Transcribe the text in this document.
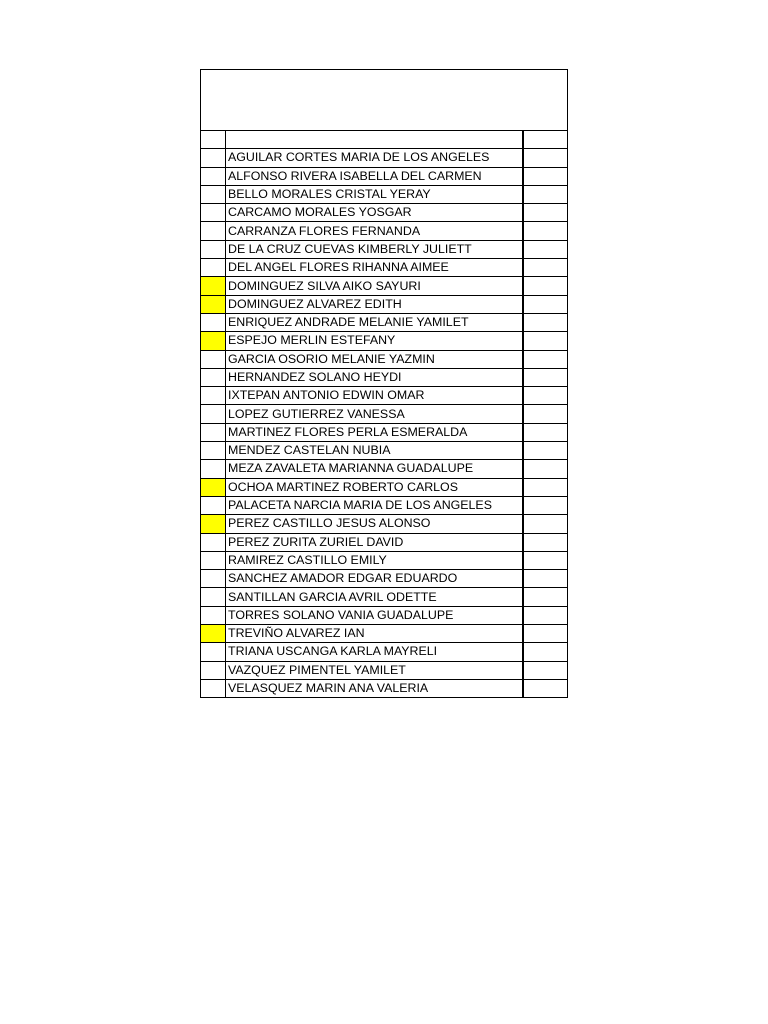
	AGUILAR CORTES MARIA DE LOS ANGELES	
	ALFONSO RIVERA ISABELLA DEL CARMEN	
	BELLO MORALES CRISTAL YERAY	
	CARCAMO MORALES YOSGAR	
	CARRANZA FLORES FERNANDA	
	DE LA CRUZ CUEVAS KIMBERLY JULIETT	
	DEL ANGEL FLORES RIHANNA AIMEE	
	DOMINGUEZ SILVA AIKO SAYURI	
	DOMINGUEZ ALVAREZ EDITH	
	ENRIQUEZ ANDRADE MELANIE YAMILET	
	ESPEJO MERLIN ESTEFANY	
	GARCIA OSORIO MELANIE YAZMIN	
	HERNANDEZ SOLANO HEYDI	
	IXTEPAN ANTONIO EDWIN OMAR	
	LOPEZ GUTIERREZ VANESSA	
	MARTINEZ FLORES PERLA ESMERALDA	
	MENDEZ CASTELAN NUBIA	
	MEZA ZAVALETA MARIANNA GUADALUPE	
	OCHOA MARTINEZ ROBERTO CARLOS	
	PALACETA NARCIA MARIA DE LOS ANGELES	
	PEREZ CASTILLO JESUS ALONSO	
	PEREZ ZURITA ZURIEL DAVID	
	RAMIREZ CASTILLO EMILY	
	SANCHEZ AMADOR EDGAR EDUARDO	
	SANTILLAN GARCIA AVRIL ODETTE	
	TORRES SOLANO VANIA GUADALUPE	
	TREVIÑO ALVAREZ IAN	
	TRIANA USCANGA KARLA MAYRELI	
	VAZQUEZ PIMENTEL YAMILET	
	VELASQUEZ MARIN ANA VALERIA	
